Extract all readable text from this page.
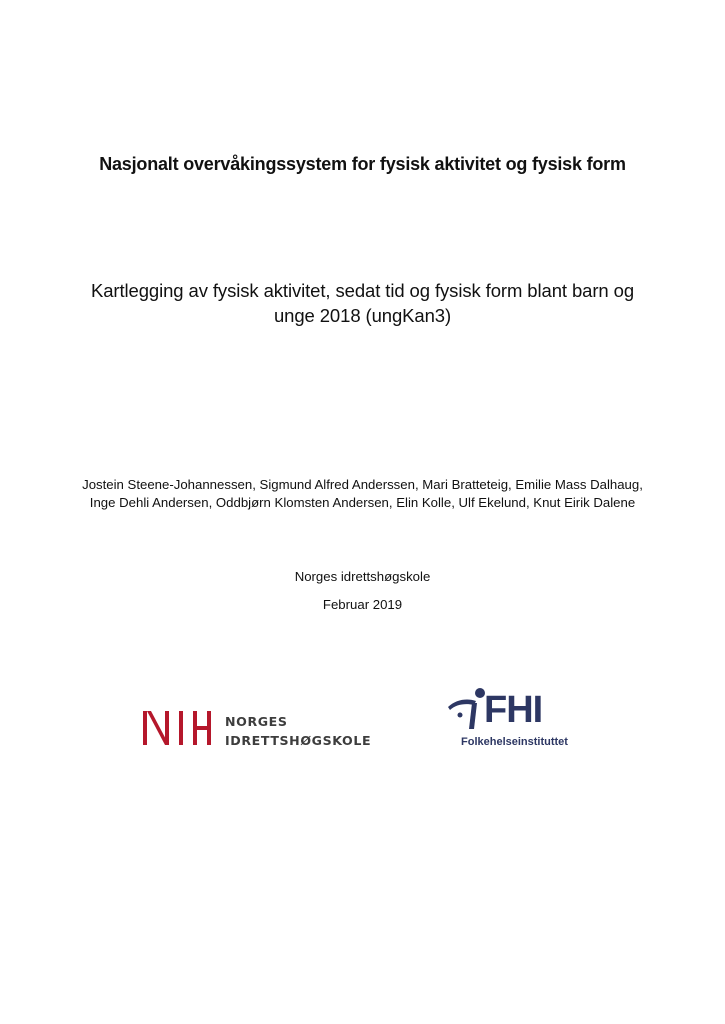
Nasjonalt overvåkingssystem for fysisk aktivitet og fysisk form
Kartlegging av fysisk aktivitet, sedat tid og fysisk form blant barn og unge 2018 (ungKan3)
Jostein Steene-Johannessen, Sigmund Alfred Anderssen, Mari Bratteteig, Emilie Mass Dalhaug, Inge Dehli Andersen, Oddbjørn Klomsten Andersen, Elin Kolle, Ulf Ekelund, Knut Eirik Dalene
Norges idrettshøgskole
Februar 2019
NORGES
IDRETTSHØGSKOLE
FHI
Folkehelseinstituttet
